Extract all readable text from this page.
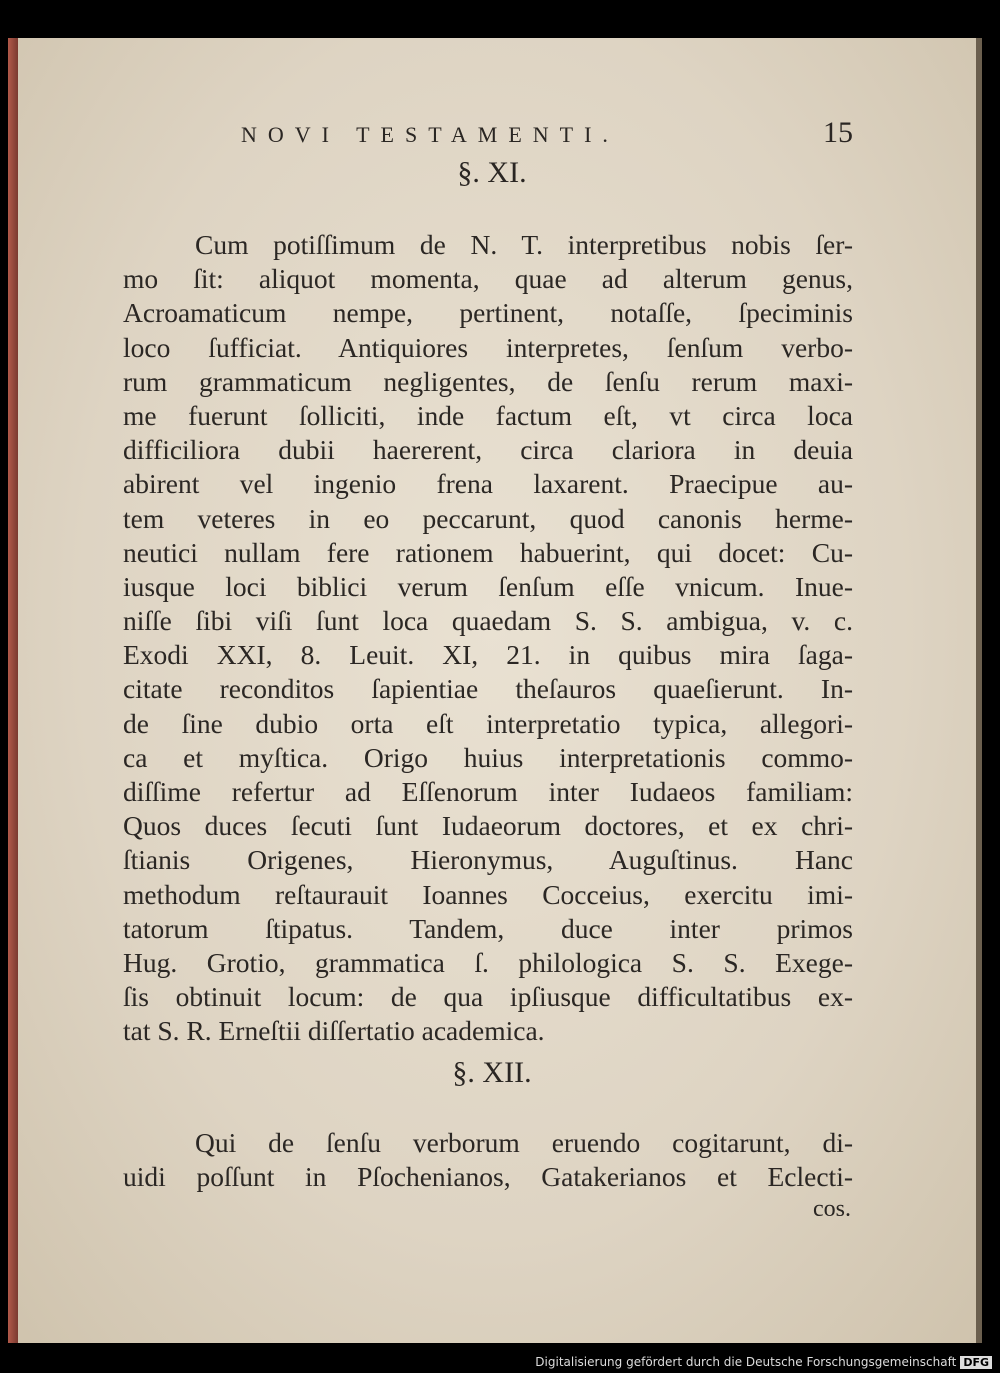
NOVI TESTAMENTI.	15
§. XI.
Cum potiſſimum de N. T. interpretibus nobis ſer-
mo ſit: aliquot momenta, quae ad alterum genus,
Acroamaticum nempe, pertinent, notaſſe, ſpeciminis
loco ſufficiat. Antiquiores interpretes, ſenſum verbo-
rum grammaticum negligentes, de ſenſu rerum maxi-
me fuerunt ſolliciti, inde factum eſt, vt circa loca
difficiliora dubii haererent, circa clariora in deuia
abirent vel ingenio frena laxarent. Praecipue au-
tem veteres in eo peccarunt, quod canonis herme-
neutici nullam fere rationem habuerint, qui docet: Cu-
iusque loci biblici verum ſenſum eſſe vnicum. Inue-
niſſe ſibi viſi ſunt loca quaedam S. S. ambigua, v. c.
Exodi XXI, 8. Leuit. XI, 21. in quibus mira ſaga-
citate reconditos ſapientiae theſauros quaeſierunt. In-
de ſine dubio orta eſt interpretatio typica, allegori-
ca et myſtica. Origo huius interpretationis commo-
diſſime refertur ad Eſſenorum inter Iudaeos familiam:
Quos duces ſecuti ſunt Iudaeorum doctores, et ex chri-
ſtianis Origenes, Hieronymus, Auguſtinus. Hanc
methodum reſtaurauit Ioannes Cocceius, exercitu imi-
tatorum ſtipatus. Tandem, duce inter primos
Hug. Grotio, grammatica ſ. philologica S. S. Exege-
ſis obtinuit locum: de qua ipſiusque difficultatibus ex-
tat S. R. Erneſtii diſſertatio academica.
§. XII.
Qui de ſenſu verborum eruendo cogitarunt, di-
uidi poſſunt in Pſochenianos, Gatakerianos et Eclecti-
cos.
Digitalisierung gefördert durch die Deutsche Forschungsgemeinschaft DFG
